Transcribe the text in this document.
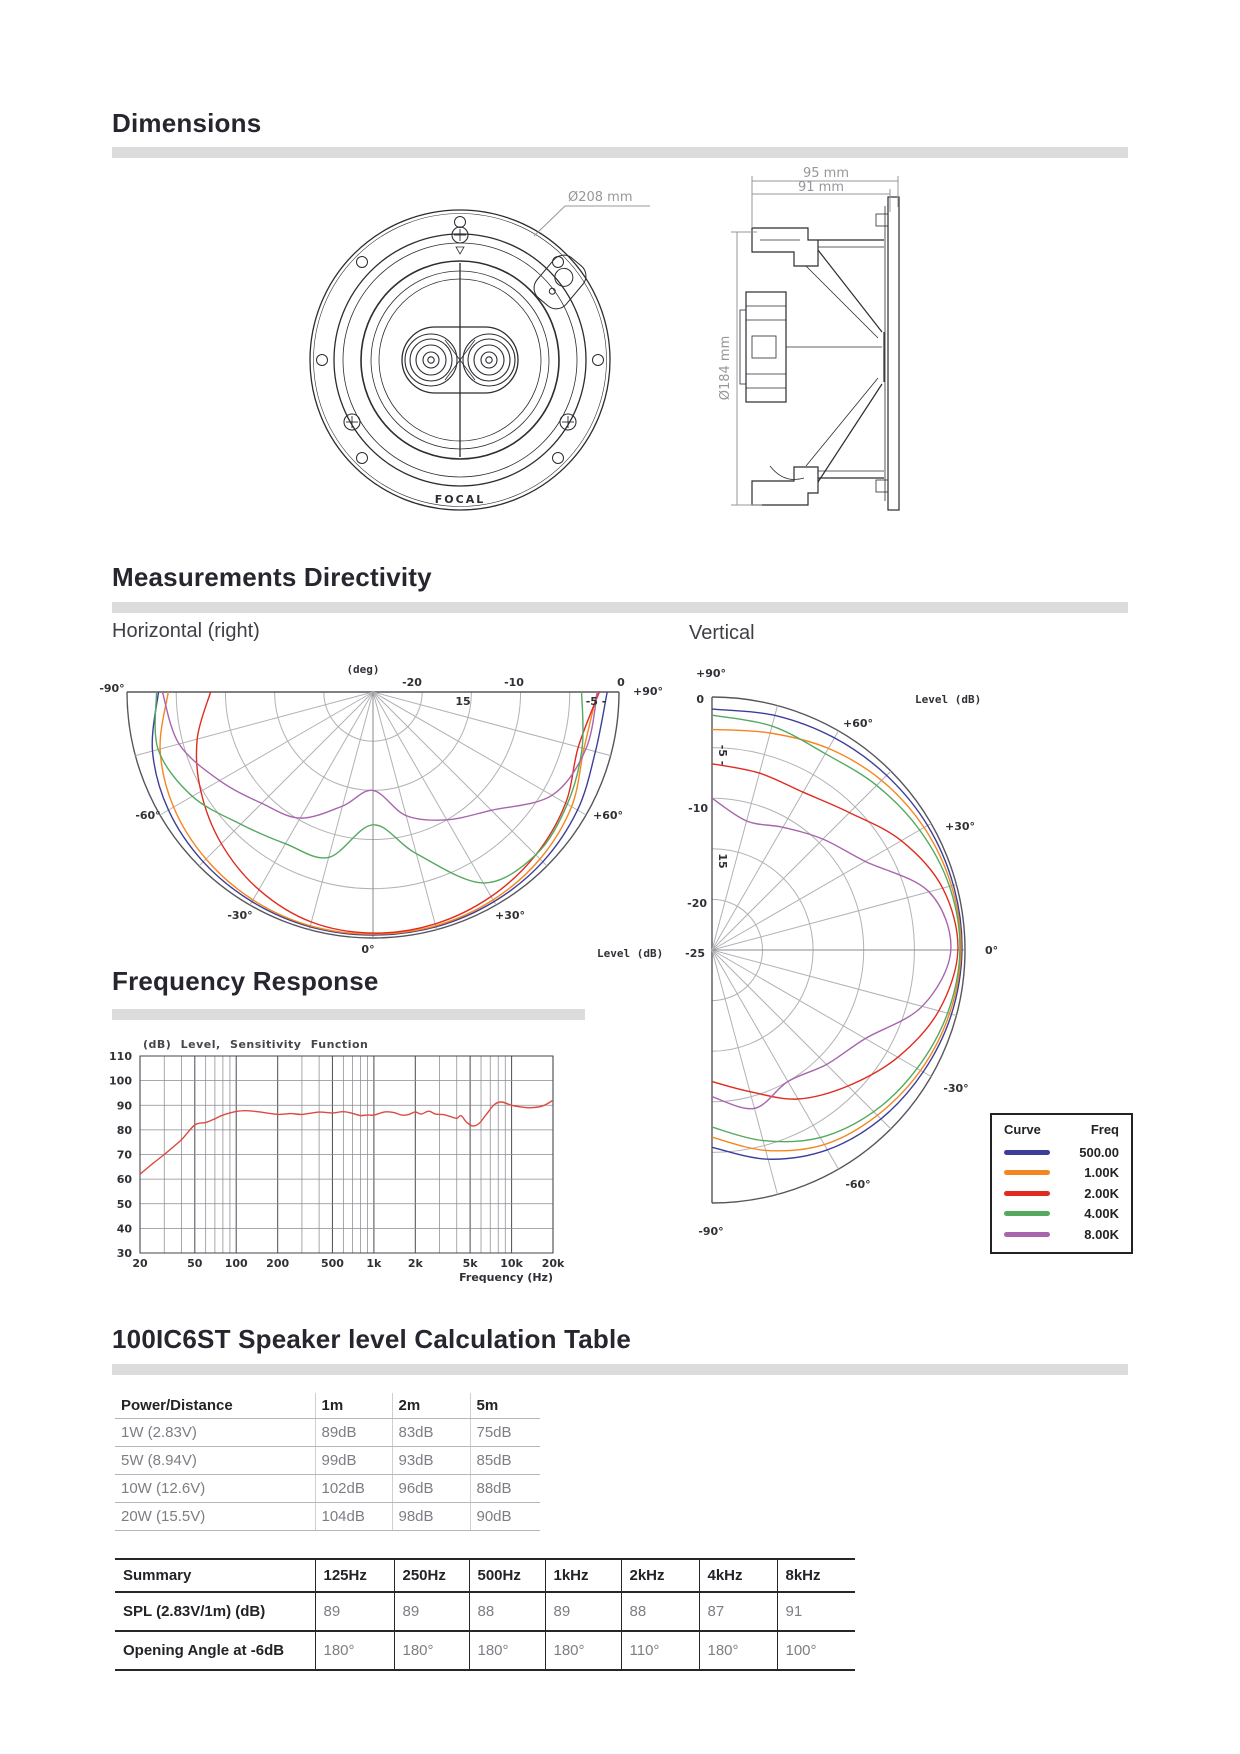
Dimensions
FOCAL
Ø208 mm
95 mm
91 mm
Ø184 mm
Measurements Directivity
Horizontal (right)	Vertical
-90°
-60°
-30°
0°
+30°
+60°
+90°
-20
15
-10
-5 -
0
(deg)
Level (dB)
+90°
+60°
+30°
0°
-30°
-60°
-90°
0
-5 -
-10
15
-20
-25
Level (dB)
Curve	Freq
500.00
1.00K
2.00K
4.00K
8.00K
Frequency Response
110
100
90
80
70
60
50
40
30
20	50 100 200	500 1k 2k	5k 10k 20k
Frequency (Hz)
(dB) Level, Sensitivity Function
100IC6ST Speaker level Calculation Table
Power/Distance	1m	2m	5m
1W (2.83V)	89dB	83dB	75dB
5W (8.94V)	99dB	93dB	85dB
10W (12.6V)	102dB	96dB	88dB
20W (15.5V)	104dB	98dB	90dB
Summary	125Hz	250Hz	500Hz	1kHz	2kHz	4kHz	8kHz
SPL (2.83V/1m) (dB)	89	89	88	89	88	87	91
Opening Angle at -6dB	180°	180°	180°	180°	110°	180°	100°
